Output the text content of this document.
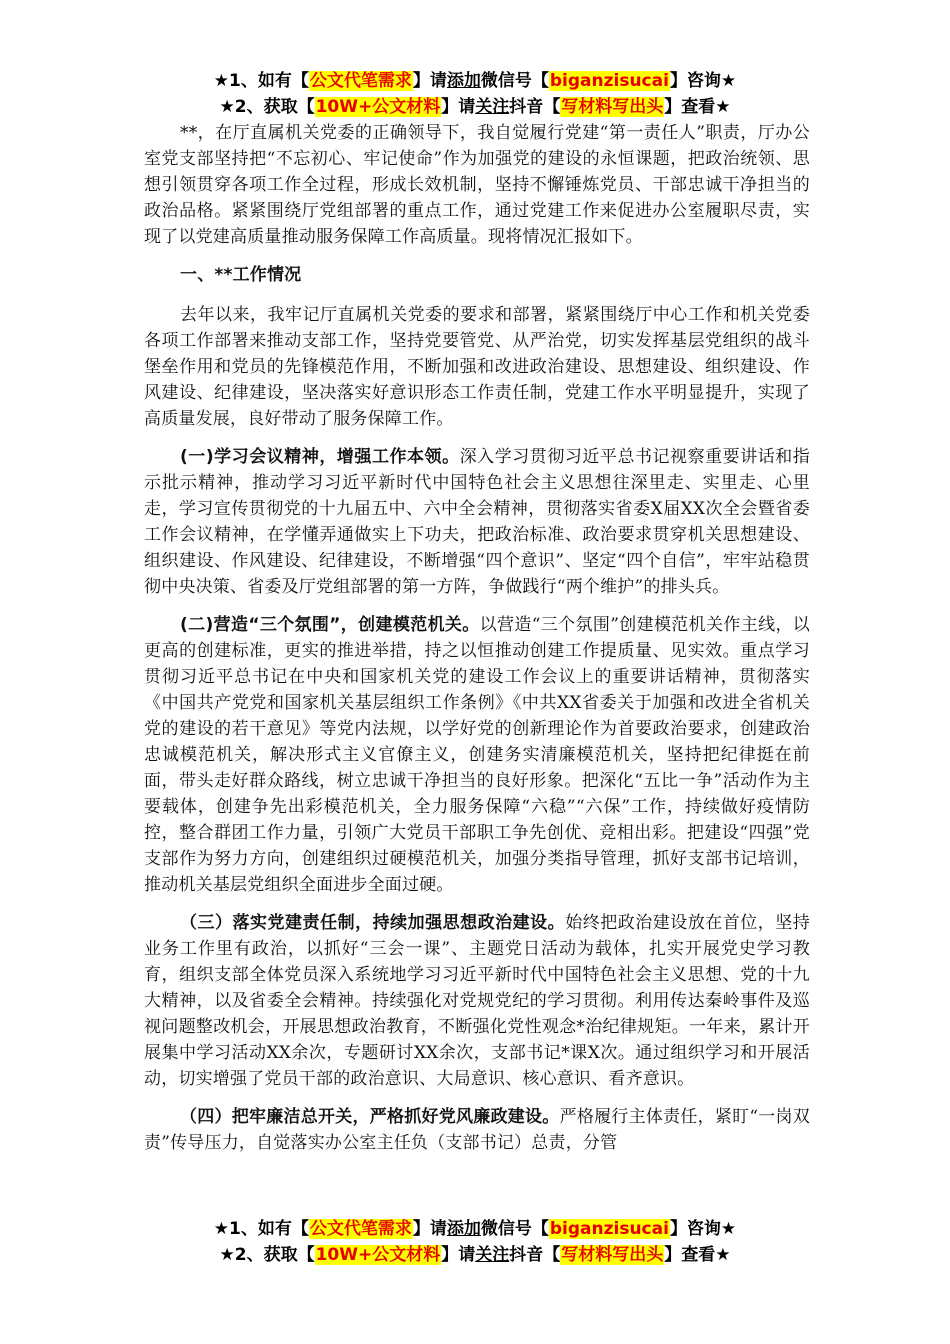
★1、如有【公文代笔需求】请添加微信号【biganzisucai】咨询★
★2、获取【10W+公文材料】请关注抖音【写材料写出头】查看★

**，在厅直属机关党委的正确领导下，我自觉履行党建“第一责任人”职责，厅办公室党支部坚持把“不忘初心、牢记使命”作为加强党的建设的永恒课题，把政治统领、思想引领贯穿各项工作全过程，形成长效机制，坚持不懈锤炼党员、干部忠诚干净担当的政治品格。紧紧围绕厅党组部署的重点工作，通过党建工作来促进办公室履职尽责，实现了以党建高质量推动服务保障工作高质量。现将情况汇报如下。

一、**工作情况

去年以来，我牢记厅直属机关党委的要求和部署，紧紧围绕厅中心工作和机关党委各项工作部署来推动支部工作，坚持党要管党、从严治党，切实发挥基层党组织的战斗堡垒作用和党员的先锋模范作用，不断加强和改进政治建设、思想建设、组织建设、作风建设、纪律建设，坚决落实好意识形态工作责任制，党建工作水平明显提升，实现了高质量发展，良好带动了服务保障工作。

(一)学习会议精神，增强工作本领。深入学习贯彻习近平总书记视察重要讲话和指示批示精神，推动学习习近平新时代中国特色社会主义思想往深里走、实里走、心里走，学习宣传贯彻党的十九届五中、六中全会精神，贯彻落实省委X届XX次全会暨省委工作会议精神，在学懂弄通做实上下功夫，把政治标准、政治要求贯穿机关思想建设、组织建设、作风建设、纪律建设，不断增强“四个意识”、坚定“四个自信”，牢牢站稳贯彻中央决策、省委及厅党组部署的第一方阵，争做践行“两个维护”的排头兵。

(二)营造“三个氛围”，创建模范机关。以营造“三个氛围”创建模范机关作主线，以更高的创建标准，更实的推进举措，持之以恒推动创建工作提质量、见实效。重点学习贯彻习近平总书记在中央和国家机关党的建设工作会议上的重要讲话精神，贯彻落实《中国共产党党和国家机关基层组织工作条例》《中共XX省委关于加强和改进全省机关党的建设的若干意见》等党内法规，以学好党的创新理论作为首要政治要求，创建政治忠诚模范机关，解决形式主义官僚主义，创建务实清廉模范机关，坚持把纪律挺在前面，带头走好群众路线，树立忠诚干净担当的良好形象。把深化“五比一争”活动作为主要载体，创建争先出彩模范机关，全力服务保障“六稳”“六保”工作，持续做好疫情防控，整合群团工作力量，引领广大党员干部职工争先创优、竞相出彩。把建设“四强”党支部作为努力方向，创建组织过硬模范机关，加强分类指导管理，抓好支部书记培训，推动机关基层党组织全面进步全面过硬。

（三）落实党建责任制，持续加强思想政治建设。始终把政治建设放在首位，坚持业务工作里有政治，以抓好“三会一课”、主题党日活动为载体，扎实开展党史学习教育，组织支部全体党员深入系统地学习习近平新时代中国特色社会主义思想、党的十九大精神，以及省委全会精神。持续强化对党规党纪的学习贯彻。利用传达秦岭事件及巡视问题整改机会，开展思想政治教育，不断强化党性观念*治纪律规矩。一年来，累计开展集中学习活动XX余次，专题研讨XX余次，支部书记*课X次。通过组织学习和开展活动，切实增强了党员干部的政治意识、大局意识、核心意识、看齐意识。

（四）把牢廉洁总开关，严格抓好党风廉政建设。严格履行主体责任，紧盯“一岗双责”传导压力，自觉落实办公室主任负（支部书记）总责，分管

★1、如有【公文代笔需求】请添加微信号【biganzisucai】咨询★
★2、获取【10W+公文材料】请关注抖音【写材料写出头】查看★
